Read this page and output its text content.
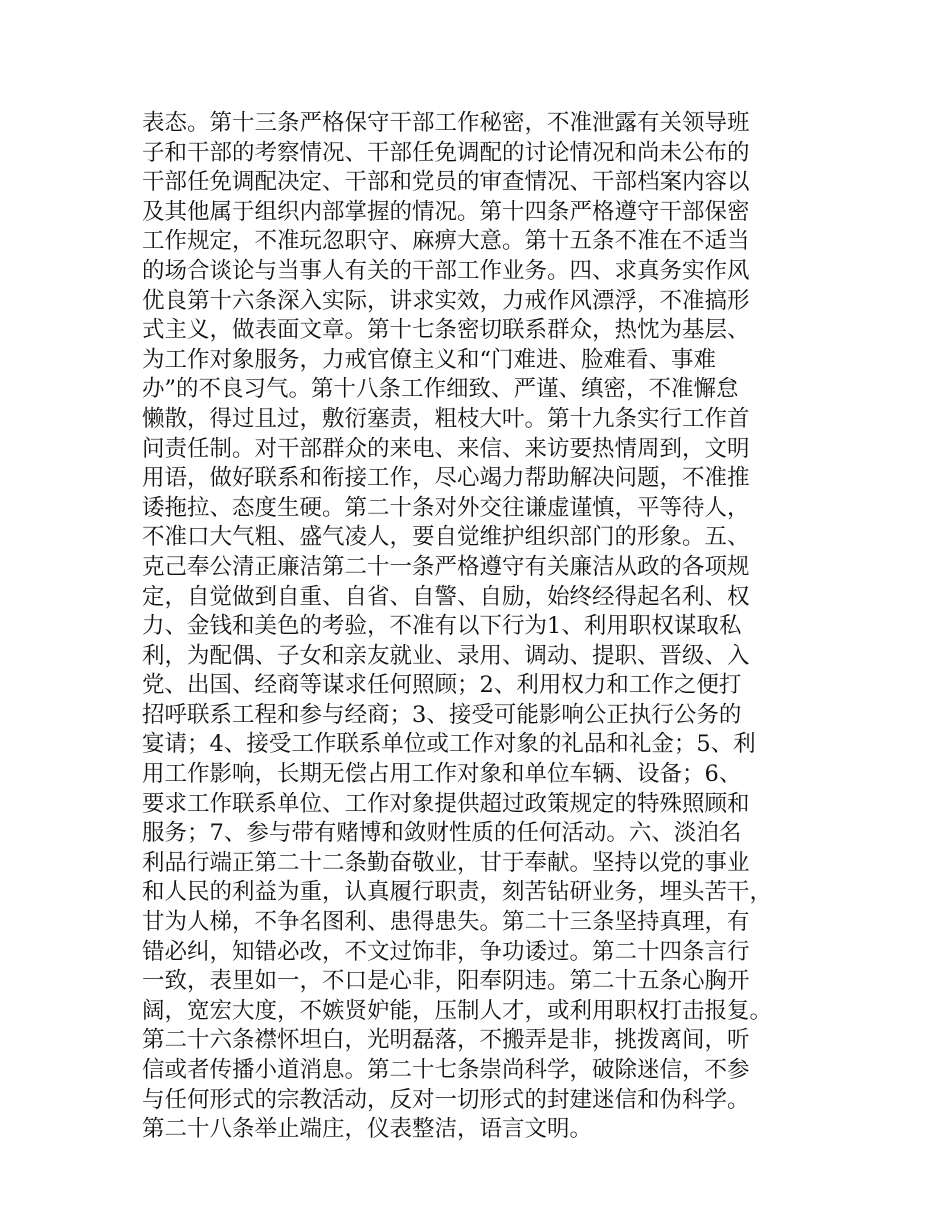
表态。第十三条严格保守干部工作秘密，不准泄露有关领导班
子和干部的考察情况、干部任免调配的讨论情况和尚未公布的
干部任免调配决定、干部和党员的审查情况、干部档案内容以
及其他属于组织内部掌握的情况。第十四条严格遵守干部保密
工作规定，不准玩忽职守、麻痹大意。第十五条不准在不适当
的场合谈论与当事人有关的干部工作业务。四、求真务实作风
优良第十六条深入实际，讲求实效，力戒作风漂浮，不准搞形
式主义，做表面文章。第十七条密切联系群众，热忱为基层、
为工作对象服务，力戒官僚主义和“门难进、脸难看、事难
办”的不良习气。第十八条工作细致、严谨、缜密，不准懈怠
懒散，得过且过，敷衍塞责，粗枝大叶。第十九条实行工作首
问责任制。对干部群众的来电、来信、来访要热情周到，文明
用语，做好联系和衔接工作，尽心竭力帮助解决问题，不准推
诿拖拉、态度生硬。第二十条对外交往谦虚谨慎，平等待人，
不准口大气粗、盛气凌人，要自觉维护组织部门的形象。五、
克己奉公清正廉洁第二十一条严格遵守有关廉洁从政的各项规
定，自觉做到自重、自省、自警、自励，始终经得起名利、权
力、金钱和美色的考验，不准有以下行为1、利用职权谋取私
利，为配偶、子女和亲友就业、录用、调动、提职、晋级、入
党、出国、经商等谋求任何照顾；2、利用权力和工作之便打
招呼联系工程和参与经商；3、接受可能影响公正执行公务的
宴请；4、接受工作联系单位或工作对象的礼品和礼金；5、利
用工作影响，长期无偿占用工作对象和单位车辆、设备；6、
要求工作联系单位、工作对象提供超过政策规定的特殊照顾和
服务；7、参与带有赌博和敛财性质的任何活动。六、淡泊名
利品行端正第二十二条勤奋敬业，甘于奉献。坚持以党的事业
和人民的利益为重，认真履行职责，刻苦钻研业务，埋头苦干，
甘为人梯，不争名图利、患得患失。第二十三条坚持真理，有
错必纠，知错必改，不文过饰非，争功诿过。第二十四条言行
一致，表里如一，不口是心非，阳奉阴违。第二十五条心胸开
阔，宽宏大度，不嫉贤妒能，压制人才，或利用职权打击报复。
第二十六条襟怀坦白，光明磊落，不搬弄是非，挑拨离间，听
信或者传播小道消息。第二十七条崇尚科学，破除迷信，不参
与任何形式的宗教活动，反对一切形式的封建迷信和伪科学。
第二十八条举止端庄，仪表整洁，语言文明。
